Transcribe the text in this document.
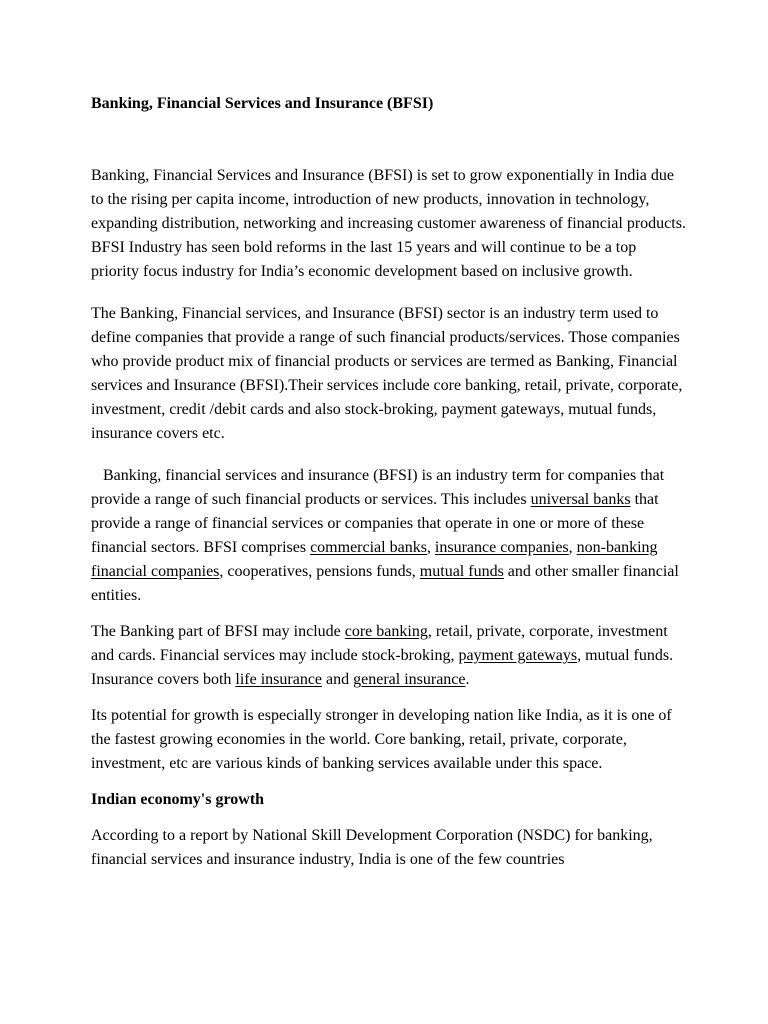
Banking, Financial Services and Insurance (BFSI)

Banking, Financial Services and Insurance (BFSI) is set to grow exponentially in India due to the rising per capita income, introduction of new products, innovation in technology, expanding distribution, networking and increasing customer awareness of financial products. BFSI Industry has seen bold reforms in the last 15 years and will continue to be a top priority focus industry for India’s economic development based on inclusive growth.

The Banking, Financial services, and Insurance (BFSI) sector is an industry term used to define companies that provide a range of such financial products/services. Those companies who provide product mix of financial products or services are termed as Banking, Financial services and Insurance (BFSI).Their services include core banking, retail, private, corporate, investment, credit /debit cards and also stock-broking, payment gateways, mutual funds, insurance covers etc.

Banking, financial services and insurance (BFSI) is an industry term for companies that provide a range of such financial products or services. This includes universal banks that provide a range of financial services or companies that operate in one or more of these financial sectors. BFSI comprises commercial banks, insurance companies, non-banking financial companies, cooperatives, pensions funds, mutual funds and other smaller financial entities.

The Banking part of BFSI may include core banking, retail, private, corporate, investment and cards. Financial services may include stock-broking, payment gateways, mutual funds. Insurance covers both life insurance and general insurance.

Its potential for growth is especially stronger in developing nation like India, as it is one of the fastest growing economies in the world. Core banking, retail, private, corporate, investment, etc are various kinds of banking services available under this space.

Indian economy's growth

According to a report by National Skill Development Corporation (NSDC) for banking, financial services and insurance industry, India is one of the few countries
